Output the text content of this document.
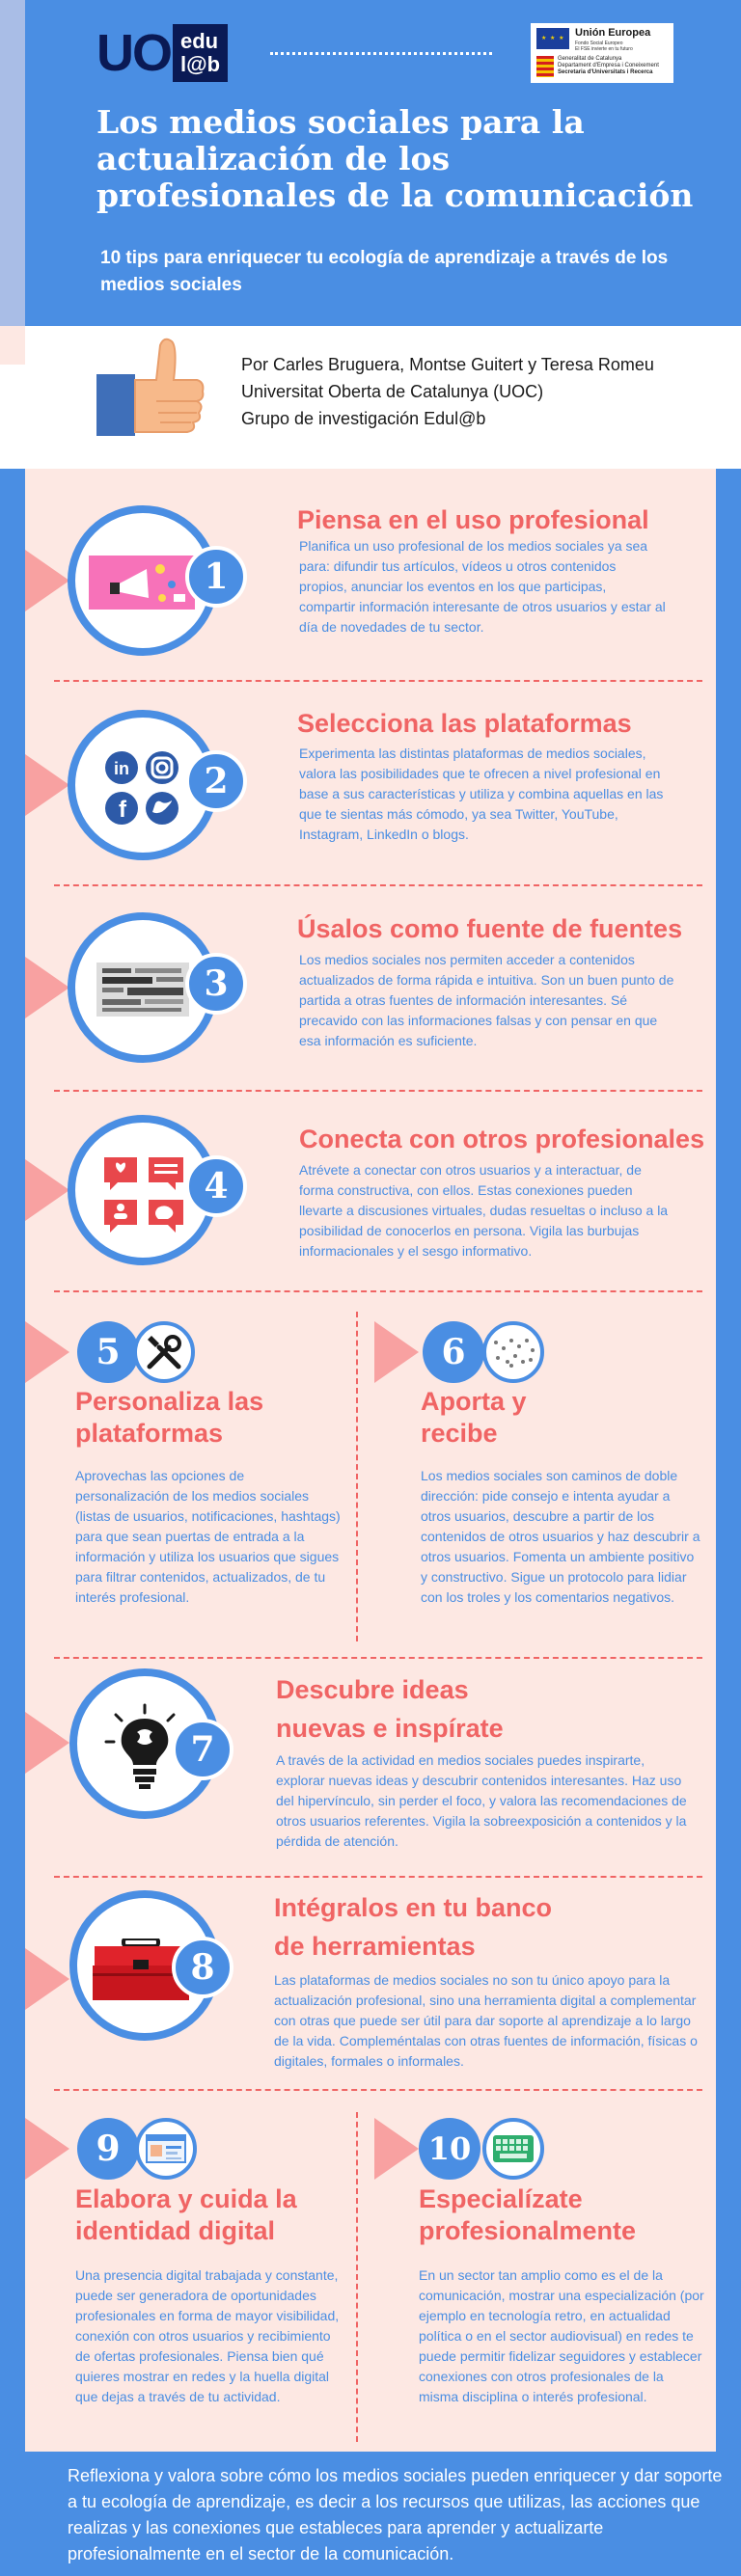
UO edu
l@b
★ ★ ★
Unión Europea
Fondo Social Europeo
El FSE invierte en tu futuro
Generalitat de Catalunya
Departament d'Empresa i Coneixement
Secretaria d'Universitats i Recerca
Los medios sociales para la actualización de los profesionales de la comunicación
10 tips para enriquecer tu ecología de aprendizaje a través de los medios sociales
Por Carles Bruguera, Montse Guitert y Teresa Romeu
Universitat Oberta de Catalunya (UOC)
Grupo de investigación Edul@b
1
Piensa en el uso profesional
Planifica un uso profesional de los medios sociales ya sea para: difundir tus artículos, vídeos u otros contenidos propios, anunciar los eventos en los que participas, compartir información interesante de otros usuarios y estar al día de novedades de tu sector.
in
f
2
Selecciona las plataformas
Experimenta las distintas plataformas de medios sociales, valora las posibilidades que te ofrecen a nivel profesional en base a sus características y utiliza y combina aquellas en las que te sientas más cómodo, ya sea Twitter, YouTube, Instagram, LinkedIn o blogs.
3
Úsalos como fuente de fuentes
Los medios sociales nos permiten acceder a contenidos actualizados de forma rápida e intuitiva. Son un buen punto de partida a otras fuentes de información interesantes. Sé precavido con las informaciones falsas y con pensar en que esa información es suficiente.
4
Conecta con otros profesionales
Atrévete a conectar con otros usuarios y a interactuar, de forma constructiva, con ellos. Estas conexiones pueden llevarte a discusiones virtuales, dudas resueltas o incluso a la posibilidad de conocerlos en persona. Vigila las burbujas informacionales y el sesgo informativo.
5
Personaliza las
plataformas
Aprovechas las opciones de personalización de los medios sociales (listas de usuarios, notificaciones, hashtags) para que sean puertas de entrada a la información y utiliza los usuarios que sigues para filtrar contenidos, actualizados, de tu interés profesional.
6
Aporta y
recibe
Los medios sociales son caminos de doble dirección: pide consejo e intenta ayudar a otros usuarios, descubre a partir de los contenidos de otros usuarios y haz descubrir a otros usuarios. Fomenta un ambiente positivo y constructivo. Sigue un protocolo para lidiar con los troles y los comentarios negativos.
7
Descubre ideas
nuevas e inspírate
A través de la actividad en medios sociales puedes inspirarte, explorar nuevas ideas y descubrir contenidos interesantes. Haz uso del hipervínculo, sin perder el foco, y valora las recomendaciones de otros usuarios referentes. Vigila la sobreexposición a contenidos y la pérdida de atención.
8
Intégralos en tu banco
de herramientas
Las plataformas de medios sociales no son tu único apoyo para la actualización profesional, sino una herramienta digital a complementar con otras que puede ser útil para dar soporte al aprendizaje a lo largo de la vida. Compleméntalas con otras fuentes de información, físicas o digitales, formales o informales.
9
Elabora y cuida la
identidad digital
Una presencia digital trabajada y constante, puede ser generadora de oportunidades profesionales en forma de mayor visibilidad, conexión con otros usuarios y recibimiento de ofertas profesionales. Piensa bien qué quieres mostrar en redes y la huella digital que dejas a través de tu actividad.
10
Especialízate
profesionalmente
En un sector tan amplio como es el de la comunicación, mostrar una especialización (por ejemplo en tecnología retro, en actualidad política o en el sector audiovisual) en redes te puede permitir fidelizar seguidores y establecer conexiones con otros profesionales de la misma disciplina o interés profesional.
Reflexiona y valora sobre cómo los medios sociales pueden enriquecer y dar soporte a tu ecología de aprendizaje, es decir a los recursos que utilizas, las acciones que realizas y las conexiones que estableces para aprender y actualizarte profesionalmente en el sector de la comunicación.
